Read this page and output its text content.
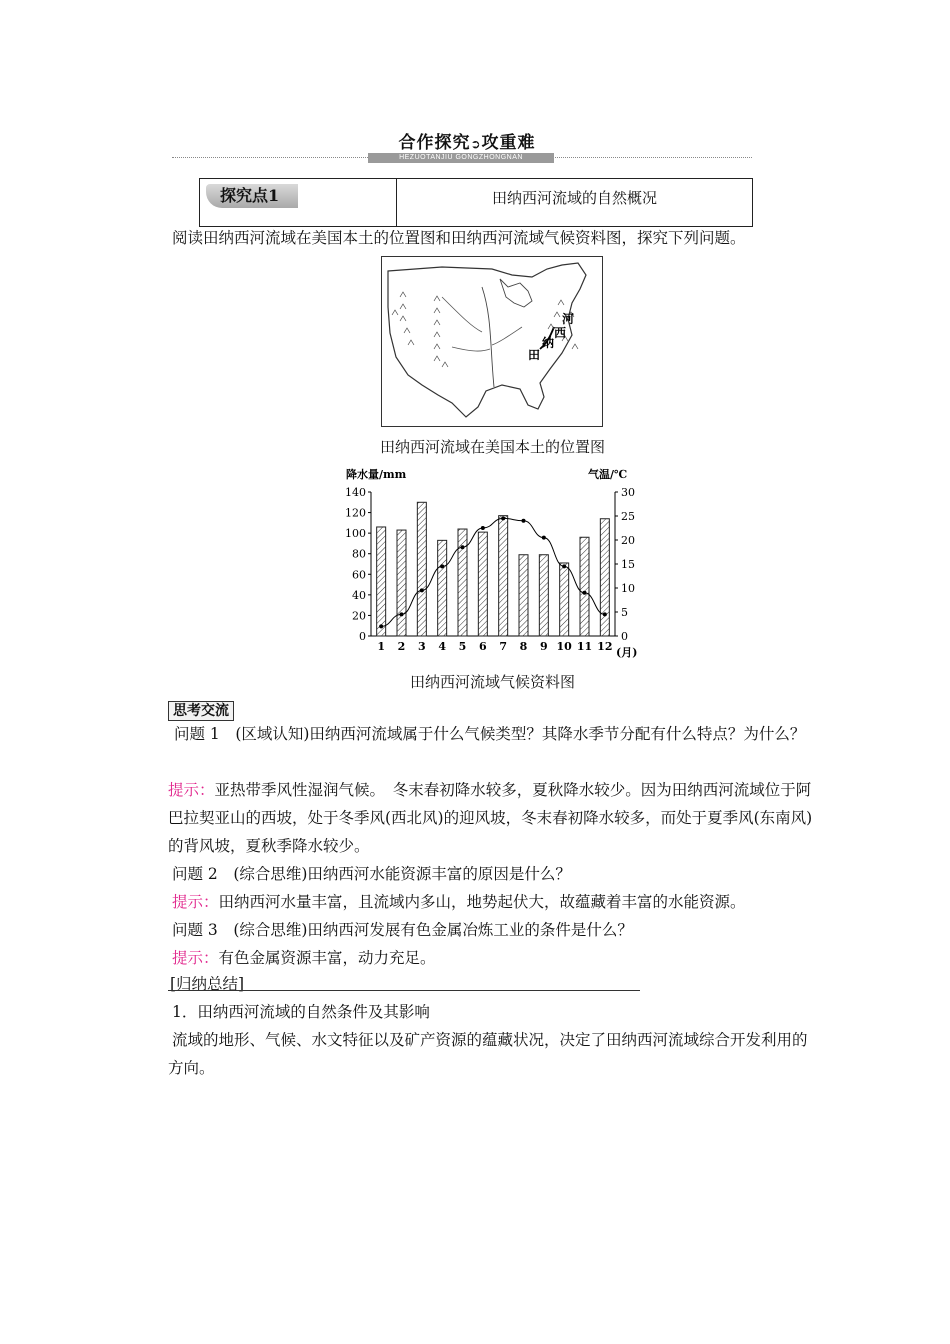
合作探究➲攻重难
HEZUOTANJIU GONGZHONGNAN
探究点1	田纳西河流域的自然概况
阅读田纳西河流域在美国本土的位置图和田纳西河流域气候资料图，探究下列问题。
河
西
纳
田
田纳西河流域在美国本土的位置图
降水量/mm	气温/℃
0
20
40
60
80
100
120
140
0
5
10
15
20
25
30
1 2 3 4 5 6 7 8 9 10 11 12 (月)
田纳西河流域气候资料图
思考交流
问题 1　 (区域认知)田纳西河流域属于什么气候类型？其降水季节分配有什么特点？为什么？
提示：亚热带季风性湿润气候。　冬末春初降水较多，夏秋降水较少。因为田纳西河流域位于阿巴拉契亚山的西坡，处于冬季风(西北风)的迎风坡，冬末春初降水较多，而处于夏季风(东南风)的背风坡，夏秋季降水较少。
问题 2　 (综合思维)田纳西河水能资源丰富的原因是什么？
提示：田纳西河水量丰富，且流域内多山，地势起伏大，故蕴藏着丰富的水能资源。
问题 3　 (综合思维)田纳西河发展有色金属冶炼工业的条件是什么？
提示：有色金属资源丰富，动力充足。
[归纳总结]
1．田纳西河流域的自然条件及其影响
流域的地形、气候、水文特征以及矿产资源的蕴藏状况，决定了田纳西河流域综合开发利用的方向。
